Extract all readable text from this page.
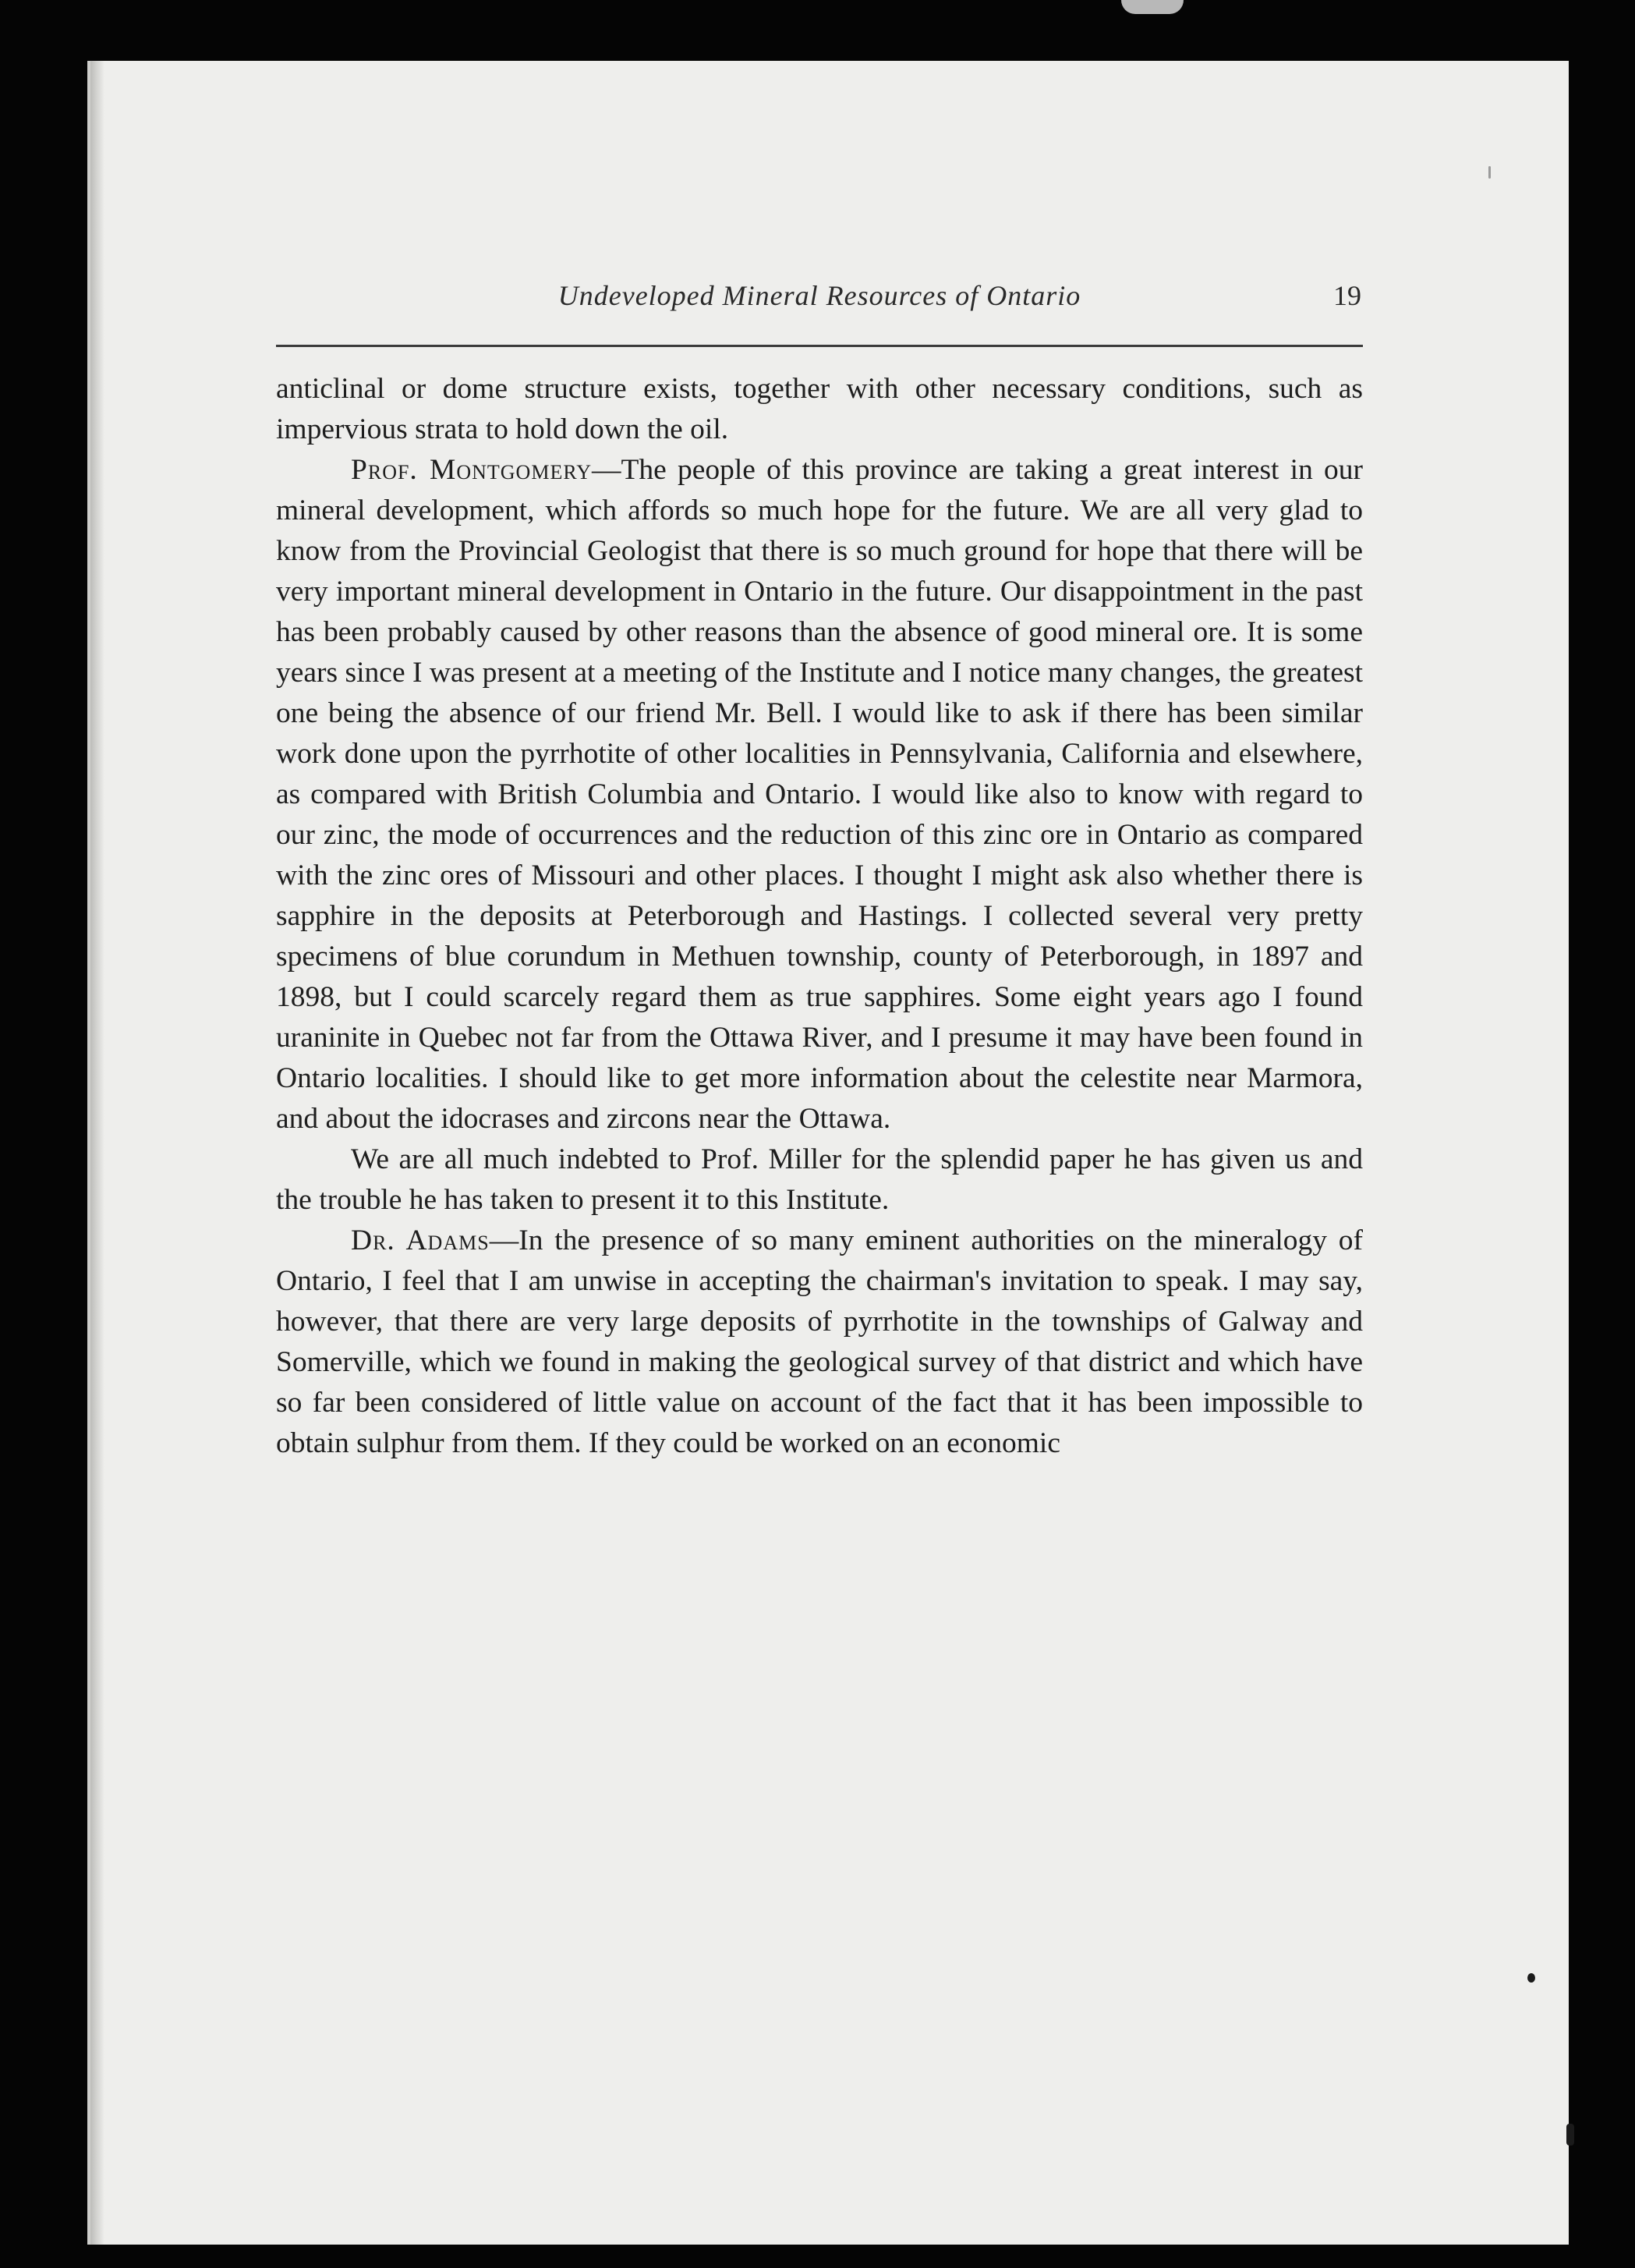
Undeveloped Mineral Resources of Ontario	19

anticlinal or dome structure exists, together with other necessary conditions, such as impervious strata to hold down the oil.

Prof. Montgomery—The people of this province are taking a great interest in our mineral development, which affords so much hope for the future. We are all very glad to know from the Provincial Geologist that there is so much ground for hope that there will be very important mineral development in Ontario in the future. Our disappointment in the past has been probably caused by other reasons than the absence of good mineral ore. It is some years since I was present at a meeting of the Institute and I notice many changes, the greatest one being the absence of our friend Mr. Bell. I would like to ask if there has been similar work done upon the pyrrhotite of other localities in Pennsylvania, California and elsewhere, as compared with British Columbia and Ontario. I would like also to know with regard to our zinc, the mode of occurrences and the reduction of this zinc ore in Ontario as compared with the zinc ores of Missouri and other places. I thought I might ask also whether there is sapphire in the deposits at Peterborough and Hastings. I collected several very pretty specimens of blue corundum in Methuen township, county of Peterborough, in 1897 and 1898, but I could scarcely regard them as true sapphires. Some eight years ago I found uraninite in Quebec not far from the Ottawa River, and I presume it may have been found in Ontario localities. I should like to get more information about the celestite near Marmora, and about the idocrases and zircons near the Ottawa.

We are all much indebted to Prof. Miller for the splendid paper he has given us and the trouble he has taken to present it to this Institute.

Dr. Adams—In the presence of so many eminent authorities on the mineralogy of Ontario, I feel that I am unwise in accepting the chairman's invitation to speak. I may say, however, that there are very large deposits of pyrrhotite in the townships of Galway and Somerville, which we found in making the geological survey of that district and which have so far been considered of little value on account of the fact that it has been impossible to obtain sulphur from them. If they could be worked on an economic
